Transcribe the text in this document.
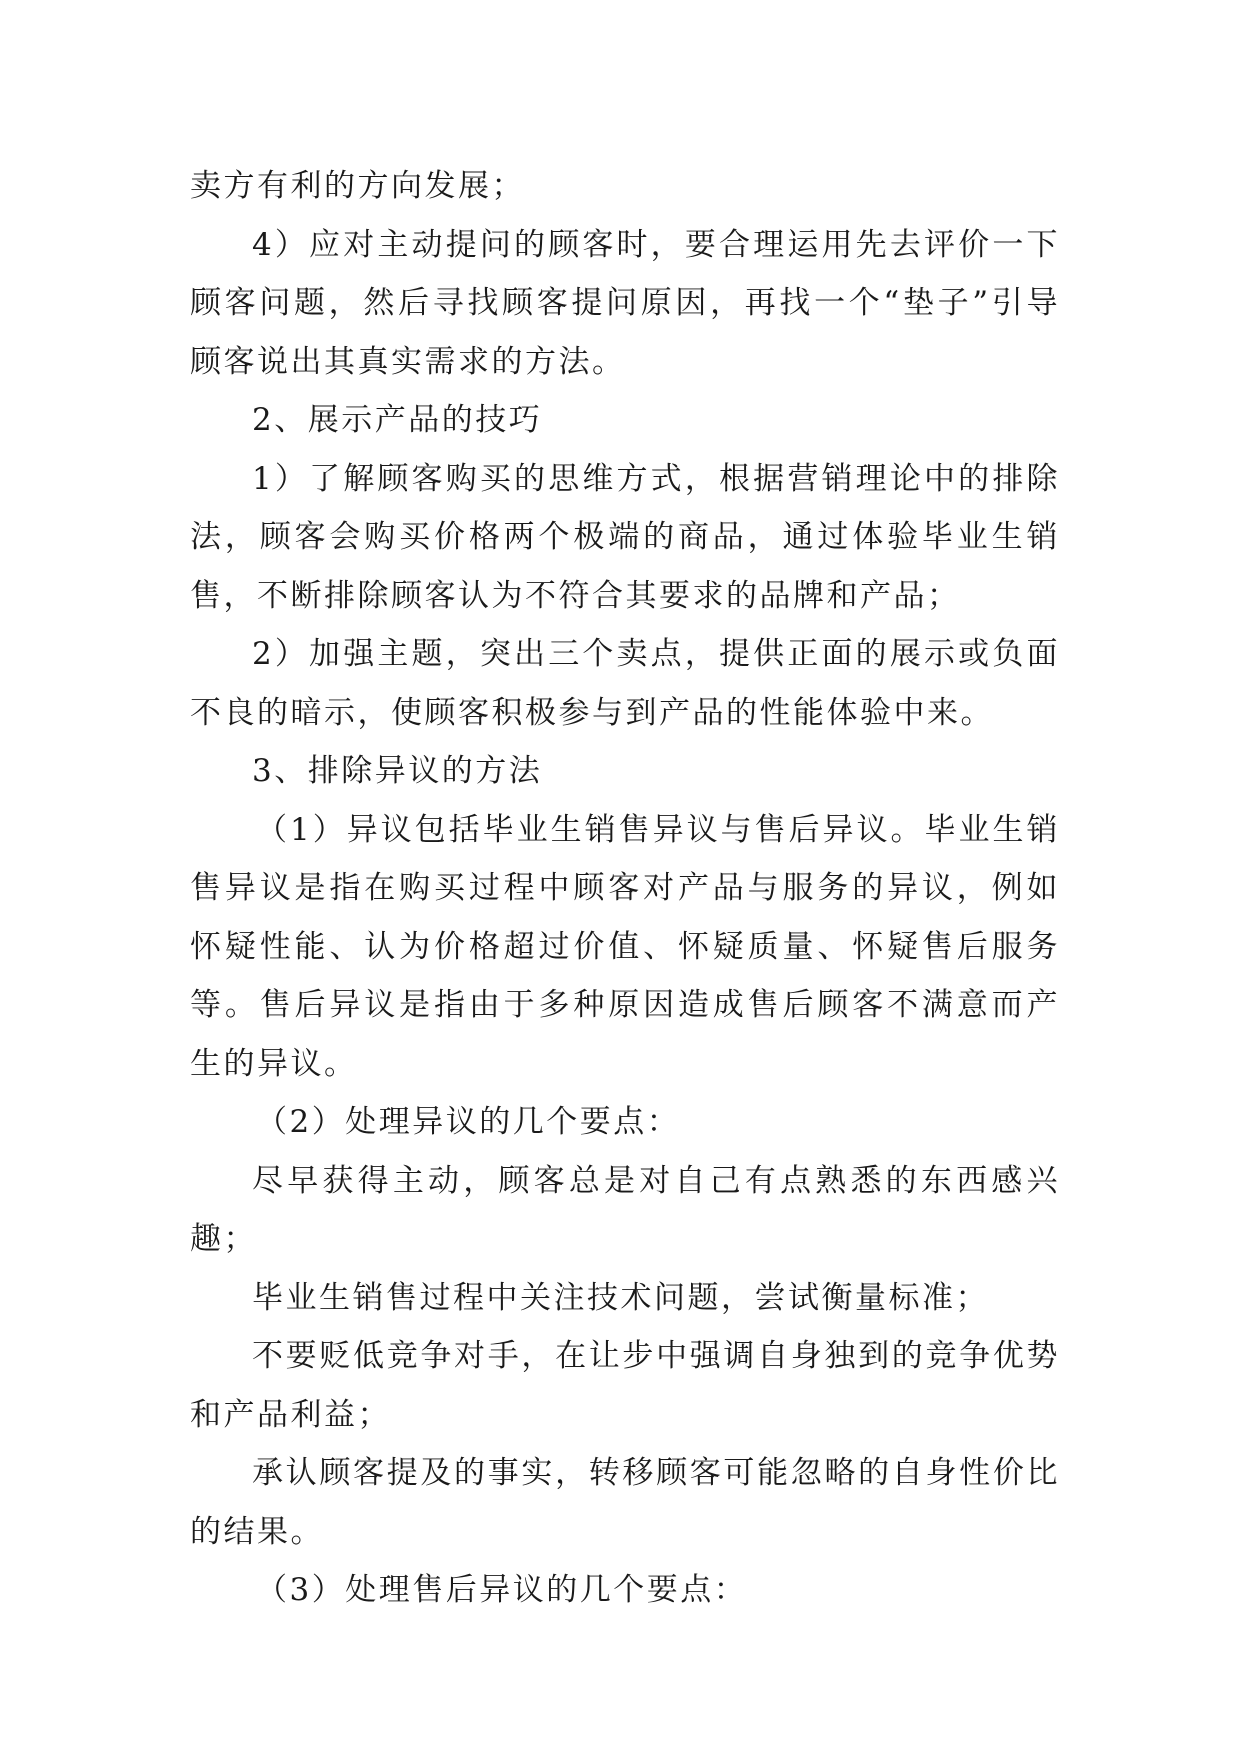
卖方有利的方向发展；

4）应对主动提问的顾客时，要合理运用先去评价一下顾客问题，然后寻找顾客提问原因，再找一个“垫子”引导顾客说出其真实需求的方法。

2、展示产品的技巧

1）了解顾客购买的思维方式，根据营销理论中的排除法，顾客会购买价格两个极端的商品，通过体验毕业生销售，不断排除顾客认为不符合其要求的品牌和产品；

2）加强主题，突出三个卖点，提供正面的展示或负面不良的暗示，使顾客积极参与到产品的性能体验中来。

3、排除异议的方法

（1）异议包括毕业生销售异议与售后异议。毕业生销售异议是指在购买过程中顾客对产品与服务的异议，例如怀疑性能、认为价格超过价值、怀疑质量、怀疑售后服务等。售后异议是指由于多种原因造成售后顾客不满意而产生的异议。

（2）处理异议的几个要点：

尽早获得主动，顾客总是对自己有点熟悉的东西感兴趣；

毕业生销售过程中关注技术问题，尝试衡量标准；

不要贬低竞争对手，在让步中强调自身独到的竞争优势和产品利益；

承认顾客提及的事实，转移顾客可能忽略的自身性价比的结果。

（3）处理售后异议的几个要点：
